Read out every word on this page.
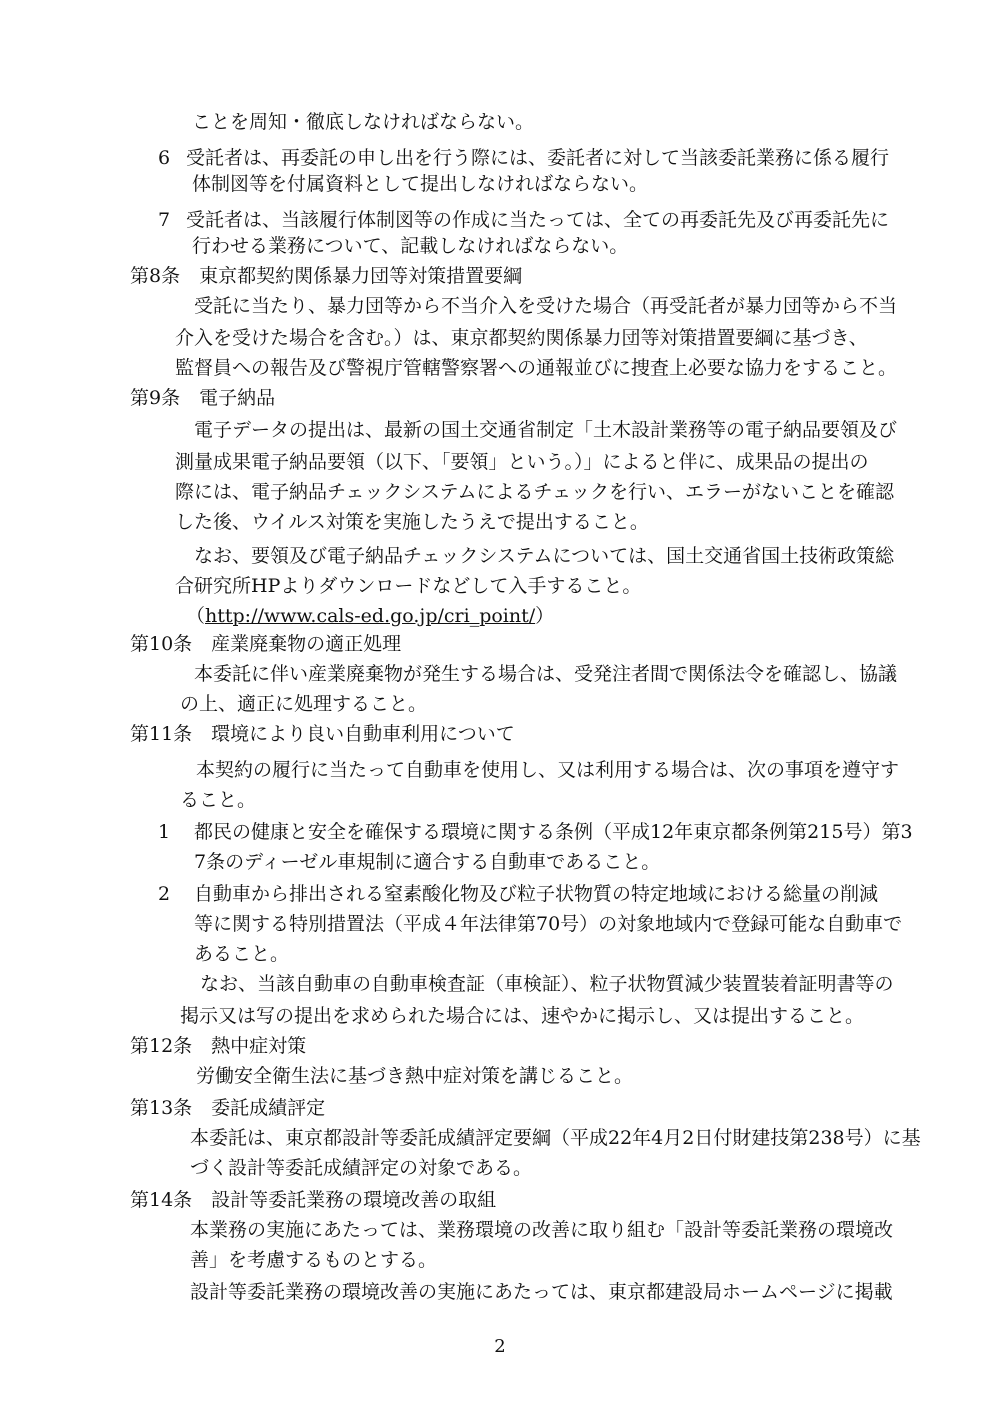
ことを周知・徹底しなければならない。
6 受託者は、再委託の申し出を行う際には、委託者に対して当該委託業務に係る履行
体制図等を付属資料として提出しなければならない。
7 受託者は、当該履行体制図等の作成に当たっては、全ての再委託先及び再委託先に
行わせる業務について、記載しなければならない。
第8条　東京都契約関係暴力団等対策措置要綱
受託に当たり、暴力団等から不当介入を受けた場合（再受託者が暴力団等から不当
介入を受けた場合を含む。）は、東京都契約関係暴力団等対策措置要綱に基づき、
監督員への報告及び警視庁管轄警察署への通報並びに捜査上必要な協力をすること。
第9条　電子納品
電子データの提出は、最新の国土交通省制定「土木設計業務等の電子納品要領及び
測量成果電子納品要領（以下、「要領」という。）」によると伴に、成果品の提出の
際には、電子納品チェックシステムによるチェックを行い、エラーがないことを確認
した後、ウイルス対策を実施したうえで提出すること。
なお、要領及び電子納品チェックシステムについては、国土交通省国土技術政策総
合研究所HPよりダウンロードなどして入手すること。
（http://www.cals-ed.go.jp/cri_point/）
第10条　産業廃棄物の適正処理
本委託に伴い産業廃棄物が発生する場合は、受発注者間で関係法令を確認し、協議
の上、適正に処理すること。
第11条　環境により良い自動車利用について
本契約の履行に当たって自動車を使用し、又は利用する場合は、次の事項を遵守す
ること。
1 都民の健康と安全を確保する環境に関する条例（平成12年東京都条例第215号）第3
7条のディーゼル車規制に適合する自動車であること。
2 自動車から排出される窒素酸化物及び粒子状物質の特定地域における総量の削減
等に関する特別措置法（平成４年法律第70号）の対象地域内で登録可能な自動車で
あること。
なお、当該自動車の自動車検査証（車検証）、粒子状物質減少装置装着証明書等の
掲示又は写の提出を求められた場合には、速やかに掲示し、又は提出すること。
第12条　熱中症対策
労働安全衛生法に基づき熱中症対策を講じること。
第13条　委託成績評定
本委託は、東京都設計等委託成績評定要綱（平成22年4月2日付財建技第238号）に基
づく設計等委託成績評定の対象である。
第14条　設計等委託業務の環境改善の取組
本業務の実施にあたっては、業務環境の改善に取り組む「設計等委託業務の環境改
善」を考慮するものとする。
設計等委託業務の環境改善の実施にあたっては、東京都建設局ホームページに掲載
2
